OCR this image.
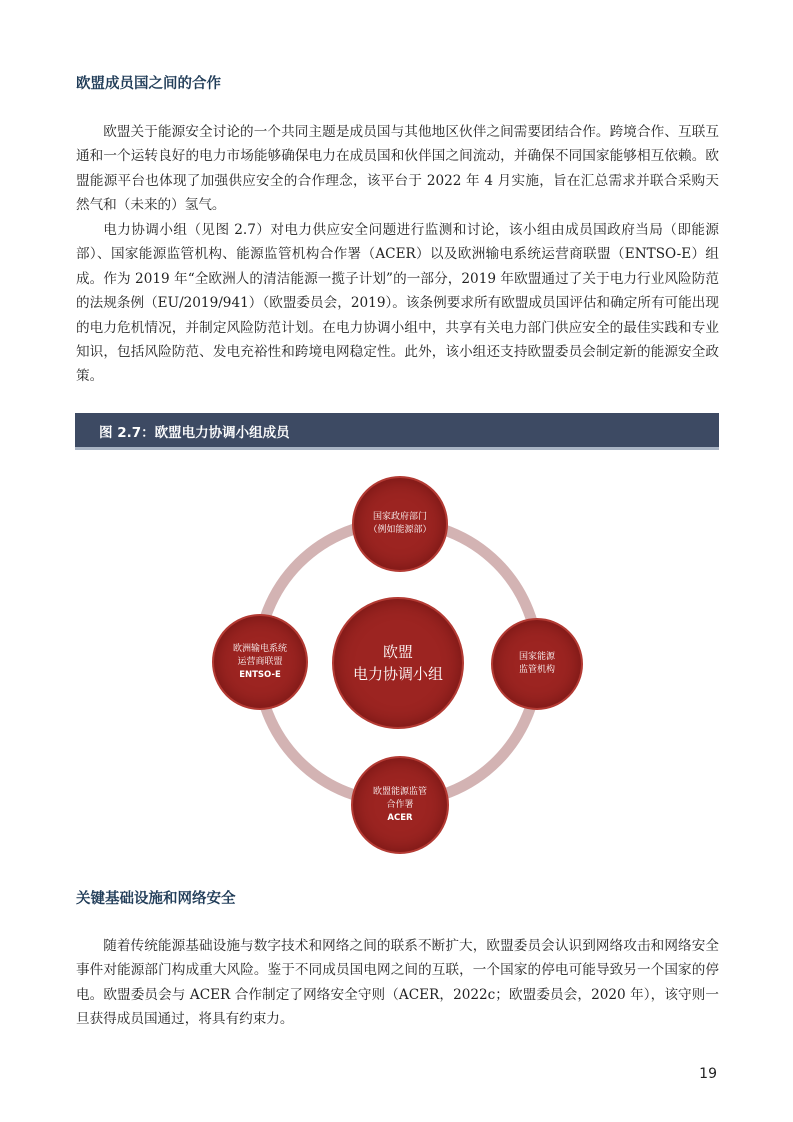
欧盟成员国之间的合作

欧盟关于能源安全讨论的一个共同主题是成员国与其他地区伙伴之间需要团结合作。跨境合作、互联互通和一个运转良好的电力市场能够确保电力在成员国和伙伴国之间流动，并确保不同国家能够相互依赖。欧盟能源平台也体现了加强供应安全的合作理念，该平台于 2022 年 4 月实施，旨在汇总需求并联合采购天然气和（未来的）氢气。

电力协调小组（见图 2.7）对电力供应安全问题进行监测和讨论，该小组由成员国政府当局（即能源部）、国家能源监管机构、能源监管机构合作署（ACER）以及欧洲输电系统运营商联盟（ENTSO-E）组成。作为 2019 年“全欧洲人的清洁能源一揽子计划”的一部分，2019 年欧盟通过了关于电力行业风险防范的法规条例（EU/2019/941）（欧盟委员会，2019）。该条例要求所有欧盟成员国评估和确定所有可能出现的电力危机情况，并制定风险防范计划。在电力协调小组中，共享有关电力部门供应安全的最佳实践和专业知识，包括风险防范、发电充裕性和跨境电网稳定性。此外，该小组还支持欧盟委员会制定新的能源安全政策。

图 2.7：欧盟电力协调小组成员
欧盟
电力协调小组
国家政府部门
（例如能源部）
国家能源
监管机构
欧盟能源监管
合作署
ACER
欧洲输电系统
运营商联盟
ENTSO-E
关键基础设施和网络安全

随着传统能源基础设施与数字技术和网络之间的联系不断扩大，欧盟委员会认识到网络攻击和网络安全事件对能源部门构成重大风险。鉴于不同成员国电网之间的互联，一个国家的停电可能导致另一个国家的停电。欧盟委员会与 ACER 合作制定了网络安全守则（ACER，2022c；欧盟委员会，2020 年），该守则一旦获得成员国通过，将具有约束力。

19
